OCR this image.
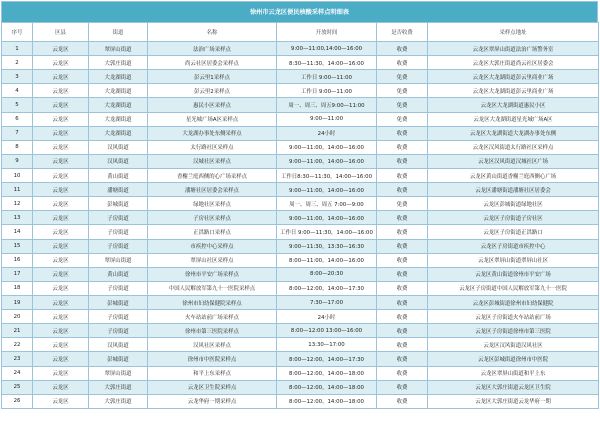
徐州市云龙区便民核酸采样点明细表
序号	区县	街道	名称	开放时间	是否收费	采样点地址
1	云龙区	翠屏山街道	法治广场采样点	9:00—11:00,14:00—16:00	收费	云龙区翠屏山街道法治广场警务室
2	云龙区	大郭庄街道	尚云社区居委会采样点	8:30—11:30，14:00—16:00	收费	云龙区大郭庄街道尚云社区居委会
3	云龙区	大龙湖街道	彭云里1采样点	工作日 9:00—11:00	免费	云龙区大龙湖街道彭云里商业广场
4	云龙区	大龙湖街道	彭云里2采样点	工作日 9:00—11:00	免费	云龙区大龙湖街道彭云里商业广场
5	云龙区	大龙湖街道	惠民小区采样点	周一、周三、周五9:00—11:00	免费	云龙区大龙湖街道惠民小区
6	云龙区	大龙湖街道	星光城广场A区采样点	9:00—11:00	免费	云龙区大龙湖街道星光城广场A区
7	云龙区	大龙湖街道	大龙湖办事处东侧采样点	24小时	收费	云龙区大龙湖街道大龙湖办事处东侧
8	云龙区	汉风街道	太行路社区采样点	9:00—11:00，14:00—16:00	收费	云龙区汉风街道太行路社区采样点
9	云龙区	汉风街道	汉城社区采样点	9:00—11:00，14:00—16:00	收费	云龙区汉风街道汉城社区广场
10	云龙区	黄山街道	香榭兰庭西侧的心广场采样点	工作日8:30—11:30，14:00—16:00	收费	云龙区黄山街道香榭兰庭西侧心广场
11	云龙区	潘塘街道	潘塘社区居委会采样点	9:00—11:00，14:00—16:00	收费	云龙区潘塘街道潘塘社区居委会
12	云龙区	彭城街道	绿地社区采样点	周一、周三、周五 7:00—9:00	免费	云龙区彭城街道绿地社区
13	云龙区	子房街道	子房社区采样点	9:00—11:00，14:00—16:00	收费	云龙区子房街道子房社区
14	云龙区	子房街道	正洪路口采样点	工作日 9:00—11:30，14:00—16:00	收费	云龙区子房街道正洪路口
15	云龙区	子房街道	市疾控中心采样点	9:00—11:30，13:30—16:30	收费	云龙区子房街道市疾控中心
16	云龙区	翠屏山街道	翠屏山社区采样点	8:00—11:00，14:00—16:00	收费	云龙区翠屏山街道翠屏山社区
17	云龙区	黄山街道	徐州市平安广场采样点	8:00—20:30	收费	云龙区黄山街道徐州市平安广场
18	云龙区	子房街道	中国人民解放军第九十一医院采样点	8:00—12:00，14:00—17:30	收费	云龙区子房街道中国人民解放军第九十一医院
19	云龙区	彭城街道	徐州市妇幼保健院采样点	7:30—17:00	收费	云龙区彭城街道徐州市妇幼保健院
20	云龙区	子房街道	火车站站前广场采样点	24小时	收费	云龙区子房街道火车站站前广场
21	云龙区	子房街道	徐州市第三医院采样点	8:00—12:00 13:00—16:00	收费	云龙区子房街道徐州市第三医院
22	云龙区	汉风街道	汉风社区采样点	13:30—17:00	收费	云龙区汉风街道汉风社区
23	云龙区	彭城街道	徐州市中医院采样点	8:00—12:00，14:00—17:30	收费	云龙区彭城街道徐州市中医院
24	云龙区	翠屏山街道	和平上东采样点	8:00—12:00，14:00—18:00	收费	云龙区翠屏山街道和平上东
25	云龙区	大郭庄街道	云龙区卫生院采样点	8:00—12:00，14:00—18:00	收费	云龙区大郭庄街道云龙区卫生院
26	云龙区	大郭庄街道	云龙华府一期采样点	8:00—12:00，14:00—18:00	收费	云龙区大郭庄街道云龙华府一期
